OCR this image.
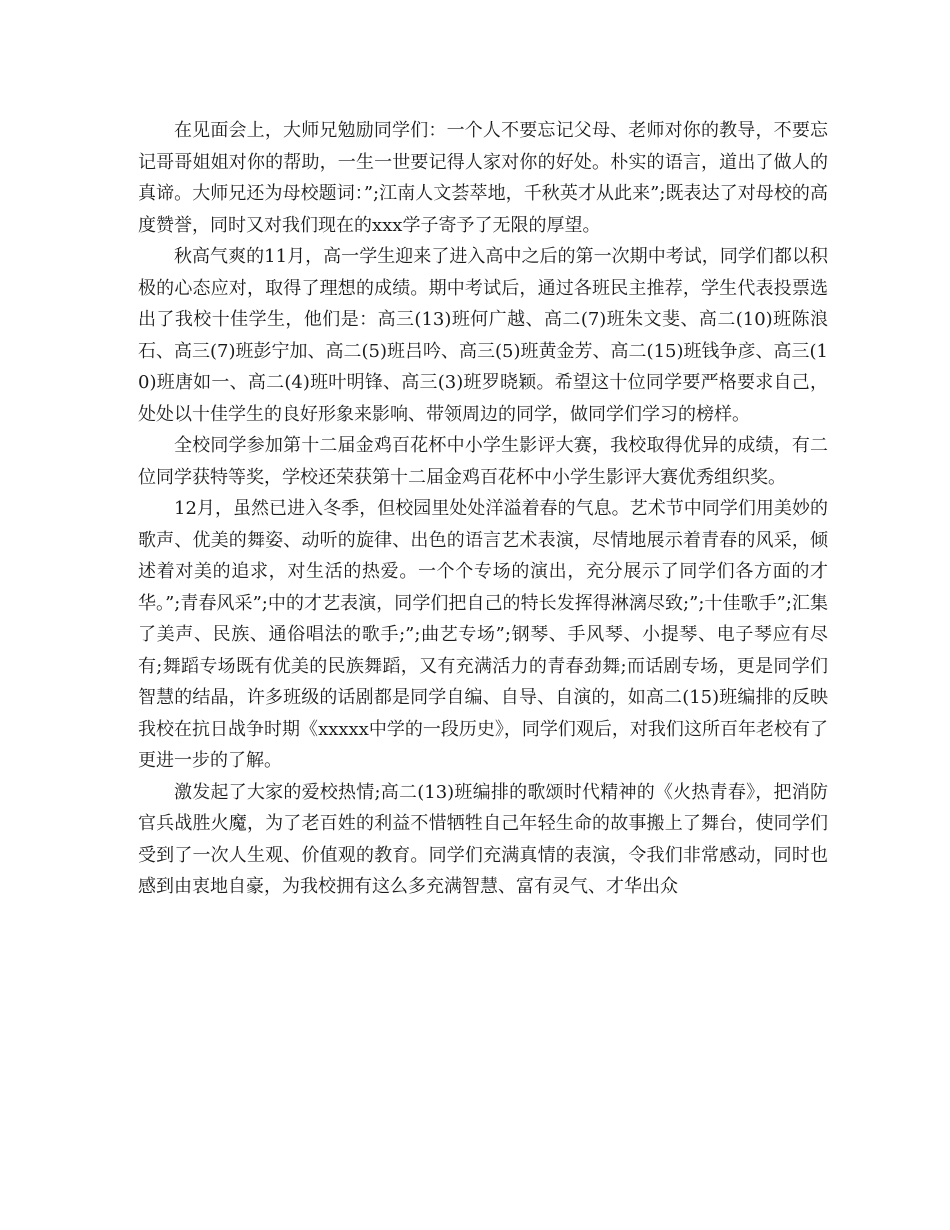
在见面会上，大师兄勉励同学们：一个人不要忘记父母、老师对你的教导，不要忘记哥哥姐姐对你的帮助，一生一世要记得人家对你的好处。朴实的语言，道出了做人的真谛。大师兄还为母校题词：”;江南人文荟萃地，千秋英才从此来”;既表达了对母校的高度赞誉，同时又对我们现在的xxx学子寄予了无限的厚望。

秋高气爽的11月，高一学生迎来了进入高中之后的第一次期中考试，同学们都以积极的心态应对，取得了理想的成绩。期中考试后，通过各班民主推荐，学生代表投票选出了我校十佳学生，他们是：高三(13)班何广越、高二(7)班朱文斐、高二(10)班陈浪石、高三(7)班彭宁加、高二(5)班吕吟、高三(5)班黄金芳、高二(15)班钱争彦、高三(10)班唐如一、高二(4)班叶明锋、高三(3)班罗晓颖。希望这十位同学要严格要求自己，处处以十佳学生的良好形象来影响、带领周边的同学，做同学们学习的榜样。

全校同学参加第十二届金鸡百花杯中小学生影评大赛，我校取得优异的成绩，有二位同学获特等奖，学校还荣获第十二届金鸡百花杯中小学生影评大赛优秀组织奖。

12月，虽然已进入冬季，但校园里处处洋溢着春的气息。艺术节中同学们用美妙的歌声、优美的舞姿、动听的旋律、出色的语言艺术表演，尽情地展示着青春的风采，倾述着对美的追求，对生活的热爱。一个个专场的演出，充分展示了同学们各方面的才华。”;青春风采”;中的才艺表演，同学们把自己的特长发挥得淋漓尽致;”;十佳歌手”;汇集了美声、民族、通俗唱法的歌手;”;曲艺专场”;钢琴、手风琴、小提琴、电子琴应有尽有;舞蹈专场既有优美的民族舞蹈，又有充满活力的青春劲舞;而话剧专场，更是同学们智慧的结晶，许多班级的话剧都是同学自编、自导、自演的，如高二(15)班编排的反映我校在抗日战争时期《xxxxx中学的一段历史》，同学们观后，对我们这所百年老校有了更进一步的了解。

激发起了大家的爱校热情;高二(13)班编排的歌颂时代精神的《火热青春》，把消防官兵战胜火魔，为了老百姓的利益不惜牺牲自己年轻生命的故事搬上了舞台，使同学们受到了一次人生观、价值观的教育。同学们充满真情的表演，令我们非常感动，同时也感到由衷地自豪，为我校拥有这么多充满智慧、富有灵气、才华出众
